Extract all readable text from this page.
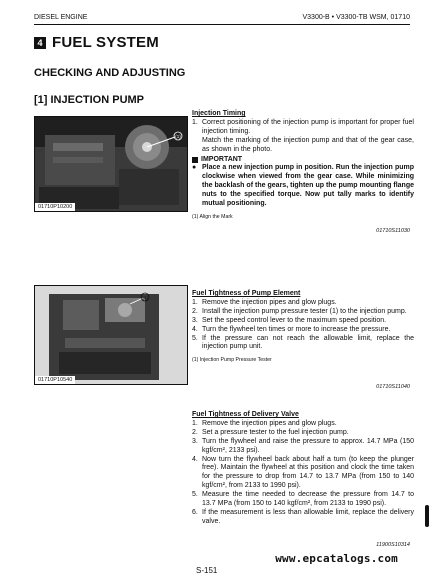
DIESEL ENGINE	V3300-B • V3300-TB WSM, 01710
4 FUEL SYSTEM
CHECKING AND ADJUSTING
[1] INJECTION PUMP
(1)
01710P10200
(1)
01710P10540
Injection Timing
1. Correct positioning of the injection pump is important for proper fuel injection timing.
Match the marking of the injection pump and that of the gear case, as shown in the photo.
IMPORTANT
● Place a new injection pump in position. Run the injection pump clockwise when viewed from the gear case. While minimizing the backlash of the gears, tighten up the pump mounting flange nuts to the specified torque. Now put tally marks to identify mutual positioning.
(1) Align the Mark
01710S11030
Fuel Tightness of Pump Element
1. Remove the injection pipes and glow plugs.
2. Install the injection pump pressure tester (1) to the injection pump.
3. Set the speed control lever to the maximum speed position.
4. Turn the flywheel ten times or more to increase the pressure.
5. If the pressure can not reach the allowable limit, replace the injection pump unit.
(1) Injection Pump Pressure Tester
01710S11040
Fuel Tightness of Delivery Valve
1. Remove the injection pipes and glow plugs.
2. Set a pressure tester to the fuel injection pump.
3. Turn the flywheel and raise the pressure to approx. 14.7 MPa (150 kgf/cm², 2133 psi).
4. Now turn the flywheel back about half a turn (to keep the plunger free). Maintain the flywheel at this position and clock the time taken for the pressure to drop from 14.7 to 13.7 MPa (from 150 to 140 kgf/cm², from 2133 to 1990 psi).
5. Measure the time needed to decrease the pressure from 14.7 to 13.7 MPa (from 150 to 140 kgf/cm², from 2133 to 1990 psi).
6. If the measurement is less than allowable limit, replace the delivery valve.
11900S10314
S-151
www.epcatalogs.com
